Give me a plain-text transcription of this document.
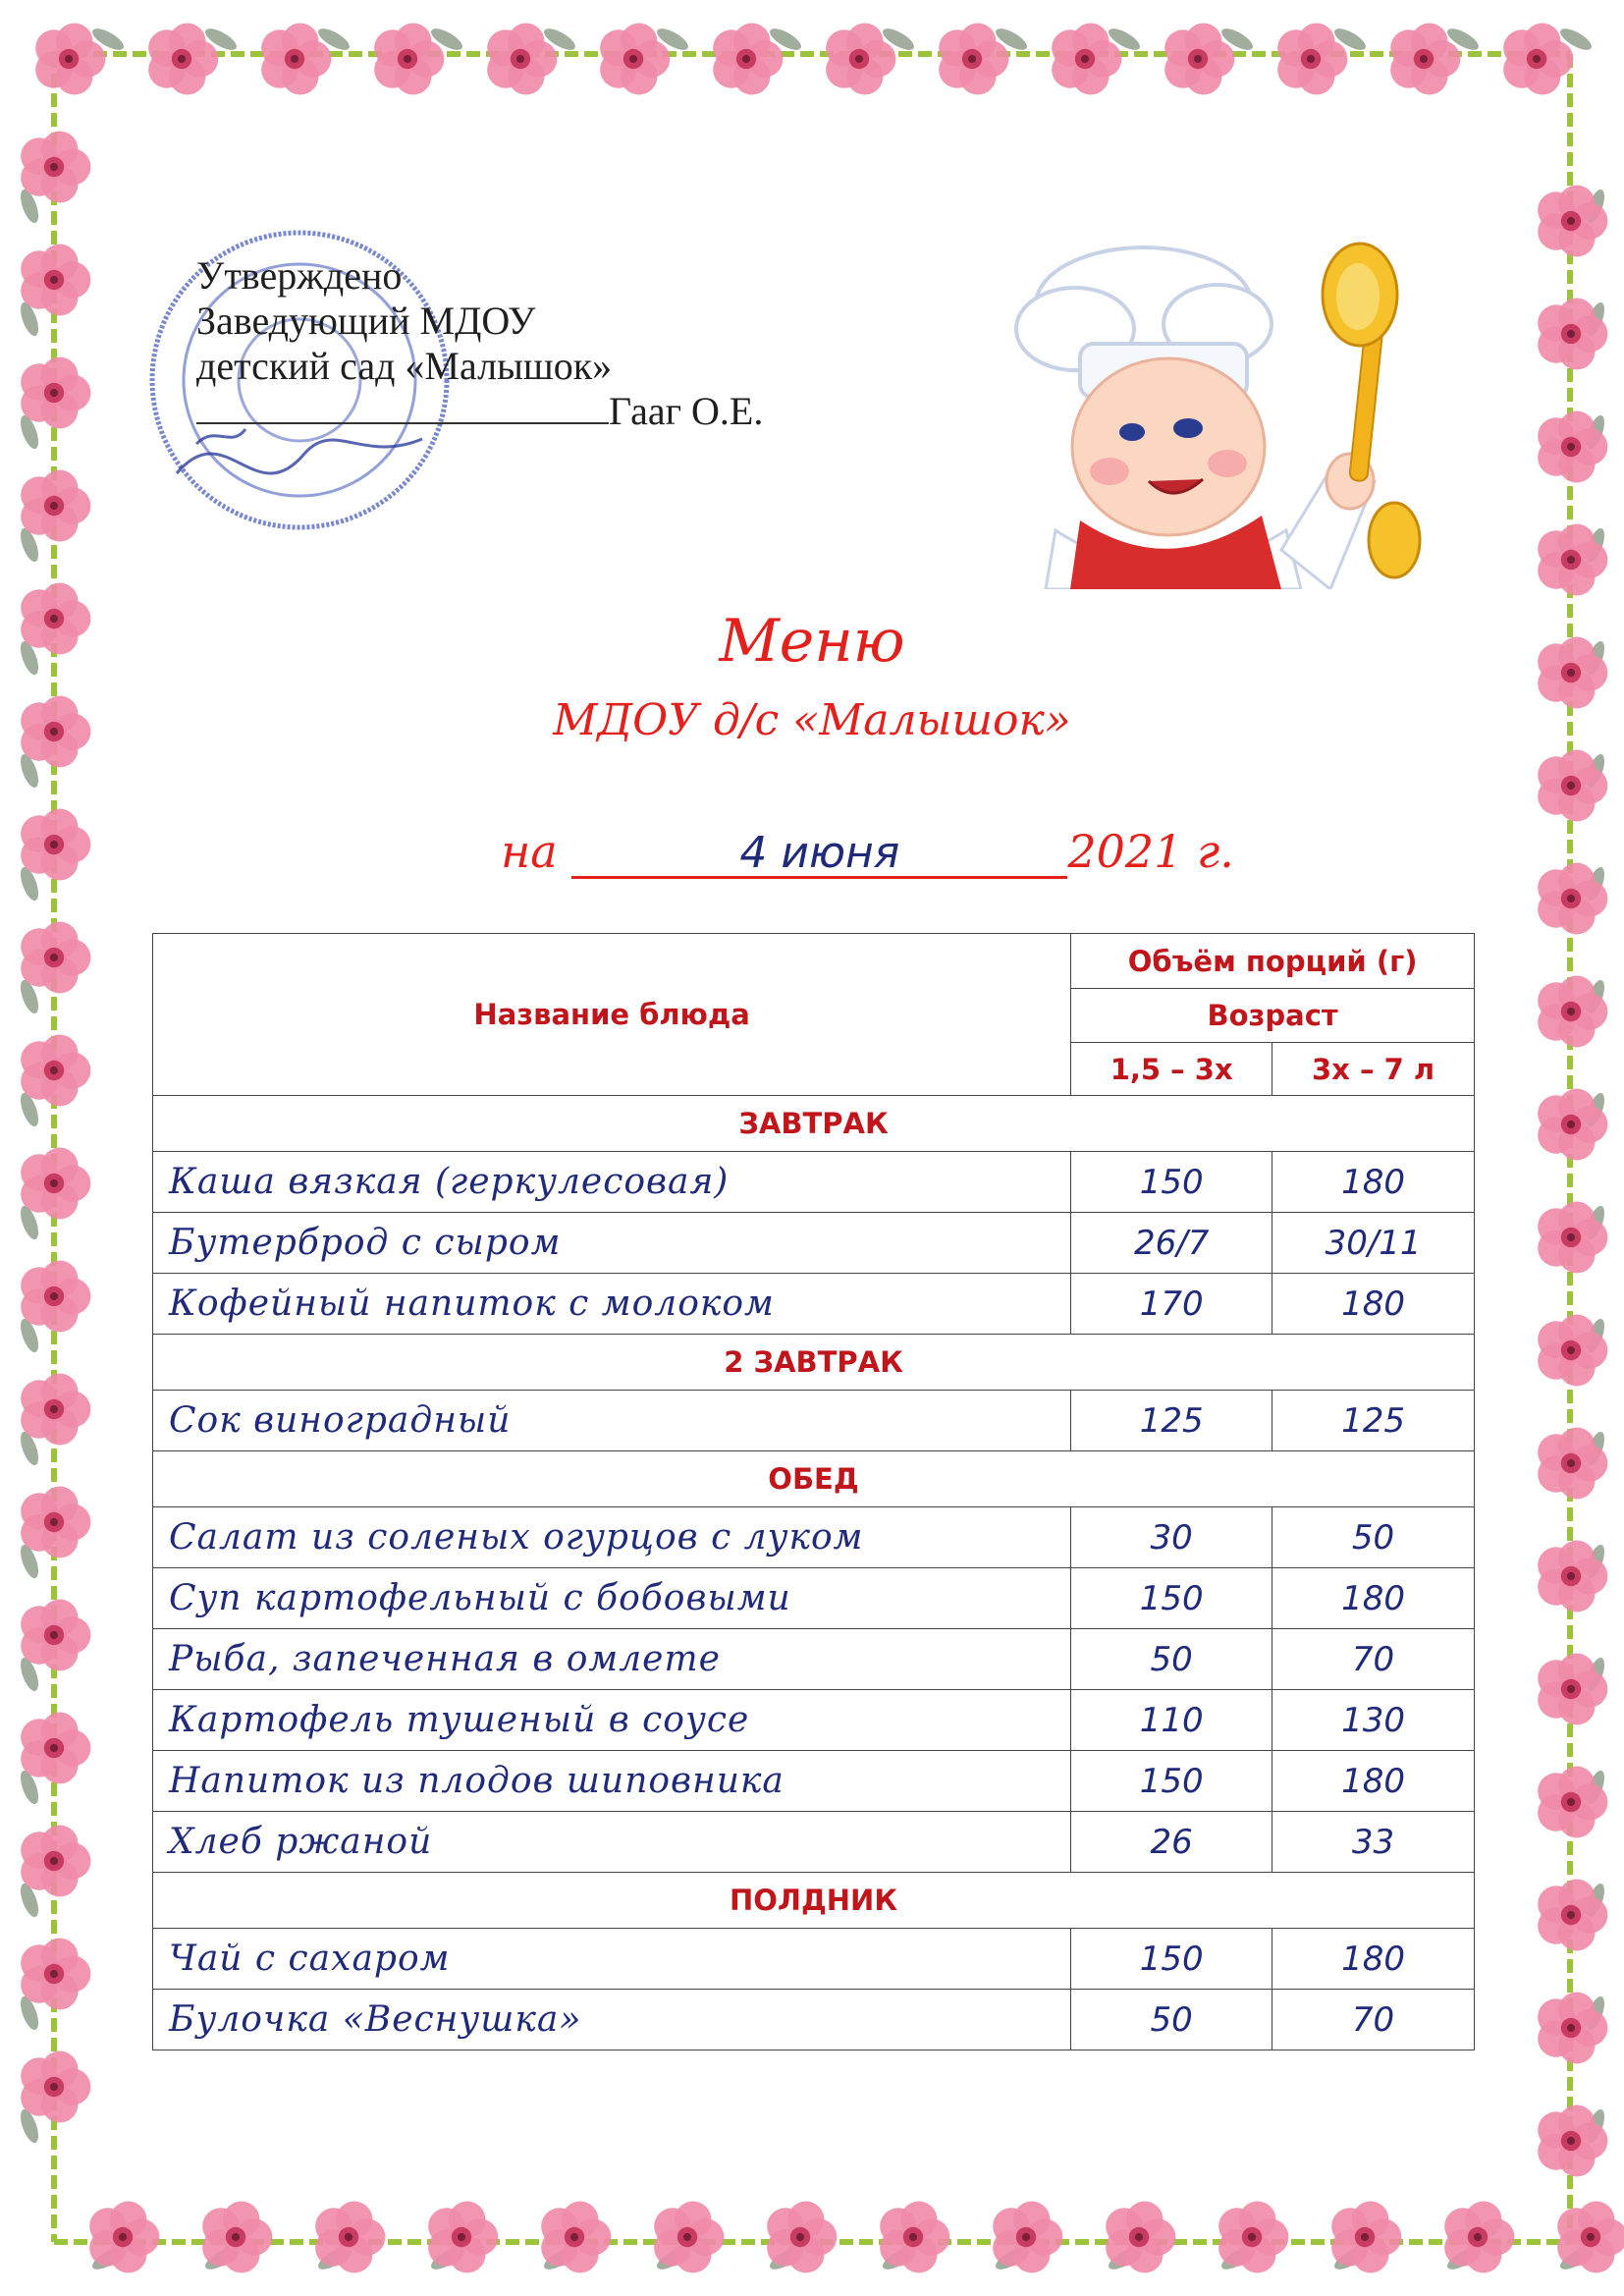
Утверждено
Заведующий МДОУ
детский сад «Малышок»
Гааг О.Е.
Меню
МДОУ д/с «Малышок»
на	4 июня	2021 г.
Название блюда	Объём порций (г)	
	Возраст	
	1,5 – 3х	3х – 7 л
ЗАВТРАК		
Каша вязкая (геркулесовая)	150	180
Бутерброд с сыром	26/7	30/11
Кофейный напиток с молоком	170	180
2 ЗАВТРАК		
Сок виноградный	125	125
ОБЕД		
Салат из соленых огурцов с луком	30	50
Суп картофельный с бобовыми	150	180
Рыба, запеченная в омлете	50	70
Картофель тушеный в соусе	110	130
Напиток из плодов шиповника	150	180
Хлеб ржаной	26	33
ПОЛДНИК		
Чай с сахаром	150	180
Булочка «Веснушка»	50	70
